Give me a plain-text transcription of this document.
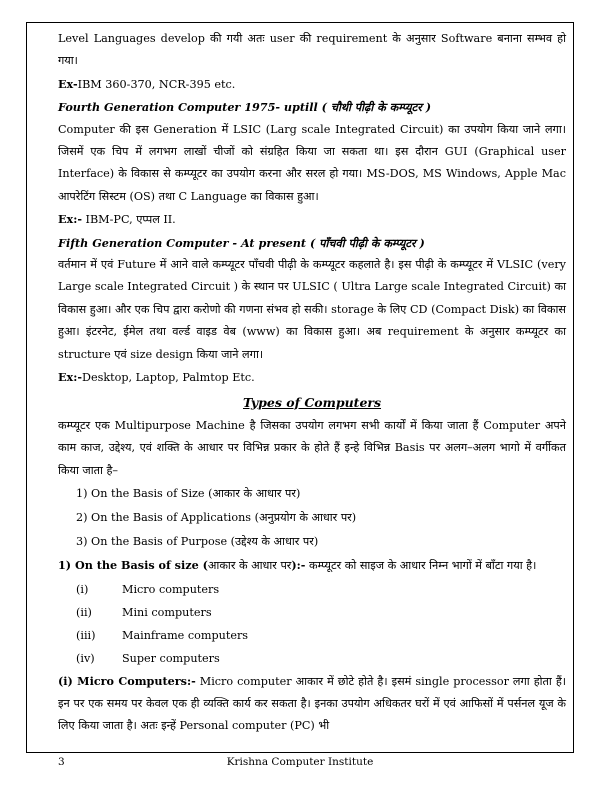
Level Languages develop की गयी अतः user की requirement के अनुसार Software बनाना सम्भव हो गया।

Ex-IBM 360-370, NCR-395 etc.

Fourth Generation Computer 1975- uptill ( चौथी पीढ़ी के कम्प्यूटर )

Computer की इस Generation में LSIC (Larg scale Integrated Circuit) का उपयोग किया जाने लगा। जिसमें एक चिप में लगभग लाखों चीजों को संग्रहित किया जा सकता था। इस दौरान GUI (Graphical user Interface) के विकास से कम्प्यूटर का उपयोग करना और सरल हो गया। MS-DOS, MS Windows, Apple Mac आपरेटिंग सिस्टम (OS) तथा C Language का विकास हुआ।

Ex:- IBM-PC, एप्पल II.

Fifth Generation Computer - At present ( पाँचवी पीढ़ी के कम्प्यूटर )

वर्तमान में एवं Future में आने वाले कम्प्यूटर पाँचवी पीढ़ी के कम्प्यूटर कहलाते है। इस पीढ़ी के कम्प्यूटर में VLSIC (very Large scale Integrated Circuit ) के स्थान पर ULSIC ( Ultra Large scale Integrated Circuit) का विकास हुआ। और एक चिप द्वारा करोणो की गणना संभव हो सकी। storage के लिए CD (Compact Disk) का विकास हुआ। इंटरनेट, ईमेल तथा वर्ल्ड वाइड वेब (www) का विकास हुआ। अब requirement के अनुसार कम्प्यूटर का structure एवं size design किया जाने लगा।

Ex:-Desktop, Laptop, Palmtop Etc.

Types of Computers

कम्प्यूटर एक Multipurpose Machine है जिसका उपयोग लगभग सभी कार्यों में किया जाता हैं Computer अपने काम काज, उद्देश्य, एवं शक्ति के आधार पर विभिन्न प्रकार के होते हैं इन्हे विभिन्न Basis पर अलग–अलग भागो में वर्गीकत किया जाता है–

1) On the Basis of Size (आकार के आधार पर)
2) On the Basis of Applications (अनुप्रयोग के आधार पर)
3) On the Basis of Purpose (उद्देश्य के आधार पर)

1) On the Basis of size (आकार के आधार पर):- कम्प्यूटर को साइज के आधार निम्न भागों में बाँटा गया है।

(i)	Micro computers
(ii)	Mini computers
(iii)	Mainframe computers
(iv)	Super computers

(i) Micro Computers:- Micro computer आकार में छोटे होते है। इसमं single processor लगा होता हैं। इन पर एक समय पर केवल एक ही व्यक्ति कार्य कर सकता है। इनका उपयोग अधिकतर घरों में एवं आफिसों में पर्सनल यूज के लिए किया जाता है। अतः इन्हें Personal computer (PC) भी

3	Krishna Computer Institute
